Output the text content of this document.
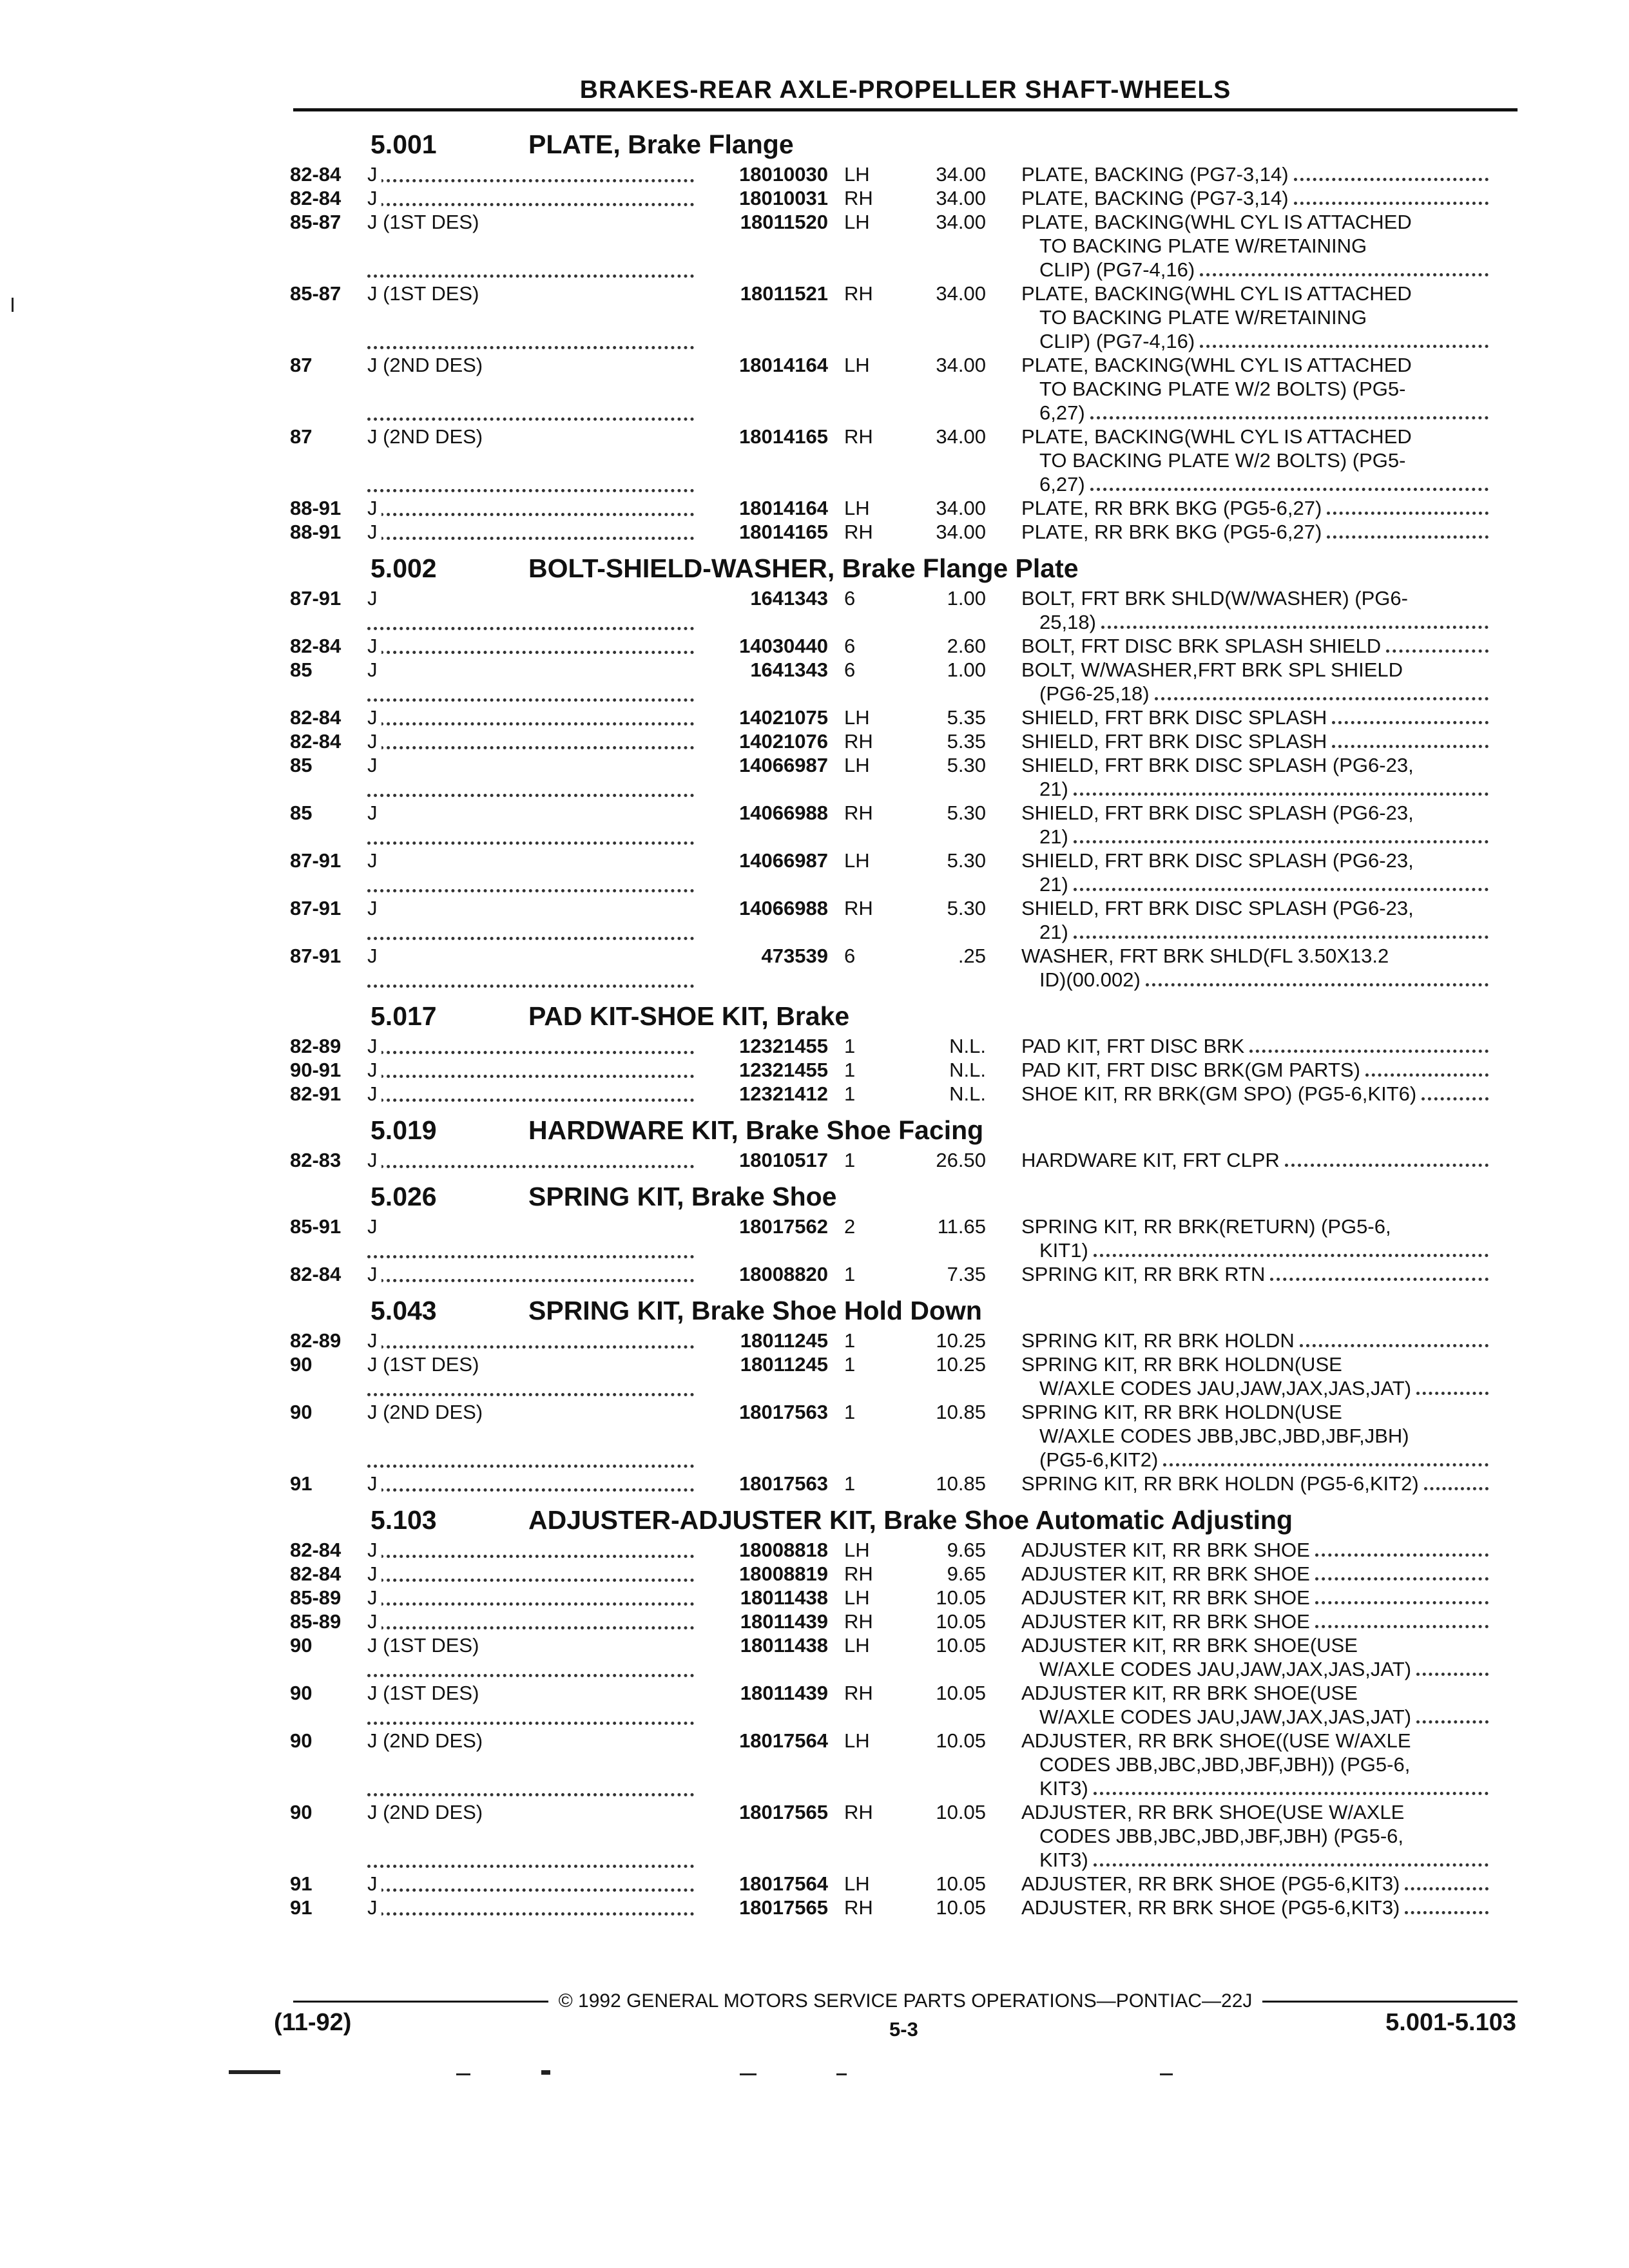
BRAKES-REAR AXLE-PROPELLER SHAFT-WHEELS
5.001	PLATE, Brake Flange
82-84	J	18010030 LH	34.00 PLATE, BACKING (PG7-3,14)
82-84	J	18010031 RH	34.00 PLATE, BACKING (PG7-3,14)
85-87	J (1ST DES)	18011520 LH	34.00 PLATE, BACKING(WHL CYL IS ATTACHED
TO BACKING PLATE W/RETAINING
CLIP) (PG7-4,16)
85-87	J (1ST DES)	18011521 RH	34.00 PLATE, BACKING(WHL CYL IS ATTACHED
TO BACKING PLATE W/RETAINING
CLIP) (PG7-4,16)
87	J (2ND DES)	18014164 LH	34.00 PLATE, BACKING(WHL CYL IS ATTACHED
TO BACKING PLATE W/2 BOLTS) (PG5-
6,27)
87	J (2ND DES)	18014165 RH	34.00 PLATE, BACKING(WHL CYL IS ATTACHED
TO BACKING PLATE W/2 BOLTS) (PG5-
6,27)
88-91	J	18014164 LH	34.00 PLATE, RR BRK BKG (PG5-6,27)
88-91	J	18014165 RH	34.00 PLATE, RR BRK BKG (PG5-6,27)
5.002	BOLT-SHIELD-WASHER, Brake Flange Plate
87-91	J	1641343 6	1.00 BOLT, FRT BRK SHLD(W/WASHER) (PG6-
25,18)
82-84	J	14030440 6	2.60 BOLT, FRT DISC BRK SPLASH SHIELD
85	J	1641343 6	1.00 BOLT, W/WASHER,FRT BRK SPL SHIELD
(PG6-25,18)
82-84	J	14021075 LH	5.35 SHIELD, FRT BRK DISC SPLASH
82-84	J	14021076 RH	5.35 SHIELD, FRT BRK DISC SPLASH
85	J	14066987 LH	5.30 SHIELD, FRT BRK DISC SPLASH (PG6-23,
21)
85	J	14066988 RH	5.30 SHIELD, FRT BRK DISC SPLASH (PG6-23,
21)
87-91	J	14066987 LH	5.30 SHIELD, FRT BRK DISC SPLASH (PG6-23,
21)
87-91	J	14066988 RH	5.30 SHIELD, FRT BRK DISC SPLASH (PG6-23,
21)
87-91	J	473539 6	.25 WASHER, FRT BRK SHLD(FL 3.50X13.2
ID)(00.002)
5.017	PAD KIT-SHOE KIT, Brake
82-89	J	12321455 1	N.L. PAD KIT, FRT DISC BRK
90-91	J	12321455 1	N.L. PAD KIT, FRT DISC BRK(GM PARTS)
82-91	J	12321412 1	N.L. SHOE KIT, RR BRK(GM SPO) (PG5-6,KIT6)
5.019	HARDWARE KIT, Brake Shoe Facing
82-83	J	18010517 1	26.50 HARDWARE KIT, FRT CLPR
5.026	SPRING KIT, Brake Shoe
85-91	J	18017562 2	11.65 SPRING KIT, RR BRK(RETURN) (PG5-6,
KIT1)
82-84	J	18008820 1	7.35 SPRING KIT, RR BRK RTN
5.043	SPRING KIT, Brake Shoe Hold Down
82-89	J	18011245 1	10.25 SPRING KIT, RR BRK HOLDN
90	J (1ST DES)	18011245 1	10.25 SPRING KIT, RR BRK HOLDN(USE
W/AXLE CODES JAU,JAW,JAX,JAS,JAT)
90	J (2ND DES)	18017563 1	10.85 SPRING KIT, RR BRK HOLDN(USE
W/AXLE CODES JBB,JBC,JBD,JBF,JBH)
(PG5-6,KIT2)
91	J	18017563 1	10.85 SPRING KIT, RR BRK HOLDN (PG5-6,KIT2)
5.103	ADJUSTER-ADJUSTER KIT, Brake Shoe Automatic Adjusting
82-84	J	18008818 LH	9.65 ADJUSTER KIT, RR BRK SHOE
82-84	J	18008819 RH	9.65 ADJUSTER KIT, RR BRK SHOE
85-89	J	18011438 LH	10.05 ADJUSTER KIT, RR BRK SHOE
85-89	J	18011439 RH	10.05 ADJUSTER KIT, RR BRK SHOE
90	J (1ST DES)	18011438 LH	10.05 ADJUSTER KIT, RR BRK SHOE(USE
W/AXLE CODES JAU,JAW,JAX,JAS,JAT)
90	J (1ST DES)	18011439 RH	10.05 ADJUSTER KIT, RR BRK SHOE(USE
W/AXLE CODES JAU,JAW,JAX,JAS,JAT)
90	J (2ND DES)	18017564 LH	10.05 ADJUSTER, RR BRK SHOE((USE W/AXLE
CODES JBB,JBC,JBD,JBF,JBH)) (PG5-6,
KIT3)
90	J (2ND DES)	18017565 RH	10.05 ADJUSTER, RR BRK SHOE(USE W/AXLE
CODES JBB,JBC,JBD,JBF,JBH) (PG5-6,
KIT3)
91	J	18017564 LH	10.05 ADJUSTER, RR BRK SHOE (PG5-6,KIT3)
91	J	18017565 RH	10.05 ADJUSTER, RR BRK SHOE (PG5-6,KIT3)
© 1992 GENERAL MOTORS SERVICE PARTS OPERATIONS—PONTIAC—22J
(11-92)	5-3	5.001-5.103
